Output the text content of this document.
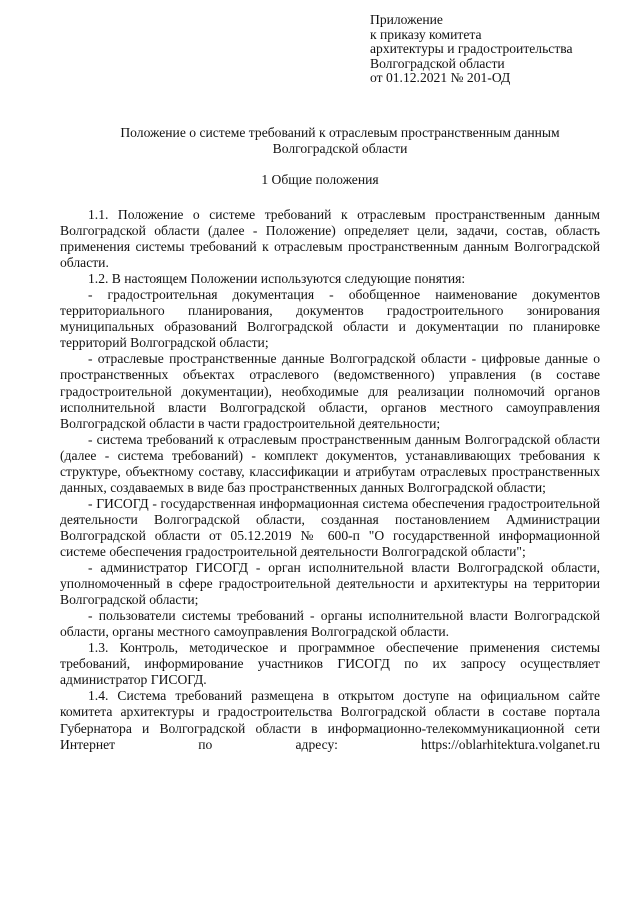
Приложение
к приказу комитета
архитектуры и градостроительства
Волгоградской области
от 01.12.2021 № 201-ОД
Положение о системе требований к отраслевым пространственным данным
Волгоградской области
1 Общие положения

1.1. Положение о системе требований к отраслевым пространственным данным Волгоградской области (далее - Положение) определяет цели, задачи, состав, область применения системы требований к отраслевым пространственным данным Волгоградской области.

1.2. В настоящем Положении используются следующие понятия:

- градостроительная документация - обобщенное наименование документов территориального планирования, документов градостроительного зонирования муниципальных образований Волгоградской области и документации по планировке территорий Волгоградской области;

- отраслевые пространственные данные Волгоградской области - цифровые данные о пространственных объектах отраслевого (ведомственного) управления (в составе градостроительной документации), необходимые для реализации полномочий органов исполнительной власти Волгоградской области, органов местного самоуправления Волгоградской области в части градостроительной деятельности;

- система требований к отраслевым пространственным данным Волгоградской области (далее - система требований) - комплект документов, устанавливающих требования к структуре, объектному составу, классификации и атрибутам отраслевых пространственных данных, создаваемых в виде баз пространственных данных Волгоградской области;

- ГИСОГД - государственная информационная система обеспечения градостроительной деятельности Волгоградской области, созданная постановлением Администрации Волгоградской области от 05.12.2019 № 600-п "О государственной информационной системе обеспечения градостроительной деятельности Волгоградской области";

- администратор ГИСОГД - орган исполнительной власти Волгоградской области, уполномоченный в сфере градостроительной деятельности и архитектуры на территории Волгоградской области;

- пользователи системы требований - органы исполнительной власти Волгоградской области, органы местного самоуправления Волгоградской области.

1.3. Контроль, методическое и программное обеспечение применения системы требований, информирование участников ГИСОГД по их запросу осуществляет администратор ГИСОГД.

1.4. Система требований размещена в открытом доступе на официальном сайте комитета архитектуры и градостроительства Волгоградской области в составе портала Губернатора и Волгоградской области в информационно-телекоммуникационной сети Интернет по адресу: https://oblarhitektura.volganet.ru
